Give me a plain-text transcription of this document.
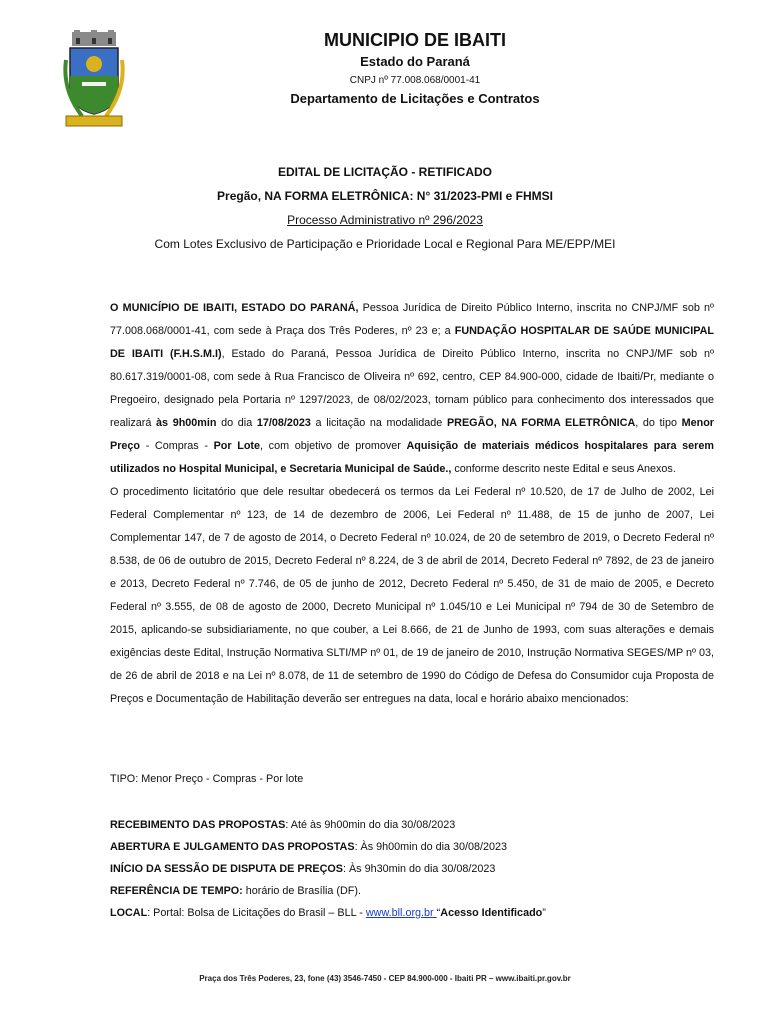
MUNICIPIO DE IBAITI
Estado do Paraná
CNPJ nº 77.008.068/0001-41
Departamento de Licitações e Contratos
EDITAL DE LICITAÇÃO - RETIFICADO
Pregão, NA FORMA ELETRÔNICA: N° 31/2023-PMI e FHMSI
Processo Administrativo nº 296/2023
Com Lotes Exclusivo de Participação e Prioridade Local e Regional Para ME/EPP/MEI

O MUNICÍPIO DE IBAITI, ESTADO DO PARANÁ, Pessoa Jurídica de Direito Público Interno, inscrita no CNPJ/MF sob nº 77.008.068/0001-41, com sede à Praça dos Três Poderes, nº 23 e; a FUNDAÇÃO HOSPITALAR DE SAÚDE MUNICIPAL DE IBAITI (F.H.S.M.I), Estado do Paraná, Pessoa Jurídica de Direito Público Interno, inscrita no CNPJ/MF sob nº 80.617.319/0001-08, com sede à Rua Francisco de Oliveira nº 692, centro, CEP 84.900-000, cidade de Ibaiti/Pr, mediante o Pregoeiro, designado pela Portaria nº 1297/2023, de 08/02/2023, tornam público para conhecimento dos interessados que realizará às 9h00min do dia 17/08/2023 a licitação na modalidade PREGÃO, NA FORMA ELETRÔNICA, do tipo Menor Preço - Compras - Por Lote, com objetivo de promover Aquisição de materiais médicos hospitalares para serem utilizados no Hospital Municipal, e Secretaria Municipal de Saúde., conforme descrito neste Edital e seus Anexos.

O procedimento licitatório que dele resultar obedecerá os termos da Lei Federal nº 10.520, de 17 de Julho de 2002, Lei Federal Complementar nº 123, de 14 de dezembro de 2006, Lei Federal nº 11.488, de 15 de junho de 2007, Lei Complementar 147, de 7 de agosto de 2014, o Decreto Federal nº 10.024, de 20 de setembro de 2019, o Decreto Federal nº 8.538, de 06 de outubro de 2015, Decreto Federal nº 8.224, de 3 de abril de 2014, Decreto Federal nº 7892, de 23 de janeiro e 2013, Decreto Federal nº 7.746, de 05 de junho de 2012, Decreto Federal nº 5.450, de 31 de maio de 2005, e Decreto Federal nº 3.555, de 08 de agosto de 2000, Decreto Municipal nº 1.045/10 e Lei Municipal nº 794 de 30 de Setembro de 2015, aplicando-se subsidiariamente, no que couber, a Lei 8.666, de 21 de Junho de 1993, com suas alterações e demais exigências deste Edital, Instrução Normativa SLTI/MP nº 01, de 19 de janeiro de 2010, Instrução Normativa SEGES/MP nº 03, de 26 de abril de 2018 e na Lei nº 8.078, de 11 de setembro de 1990 do Código de Defesa do Consumidor cuja Proposta de Preços e Documentação de Habilitação deverão ser entregues na data, local e horário abaixo mencionados:

TIPO: Menor Preço - Compras - Por lote
RECEBIMENTO DAS PROPOSTAS: Até às 9h00min do dia 30/08/2023
ABERTURA E JULGAMENTO DAS PROPOSTAS: Às 9h00min do dia 30/08/2023
INÍCIO DA SESSÃO DE DISPUTA DE PREÇOS: Às 9h30min do dia 30/08/2023
REFERÊNCIA DE TEMPO: horário de Brasília (DF).
LOCAL: Portal: Bolsa de Licitações do Brasil – BLL - www.bll.org.br “Acesso Identificado”
Praça dos Três Poderes, 23, fone (43) 3546-7450 - CEP 84.900-000 - Ibaiti PR – www.ibaiti.pr.gov.br
